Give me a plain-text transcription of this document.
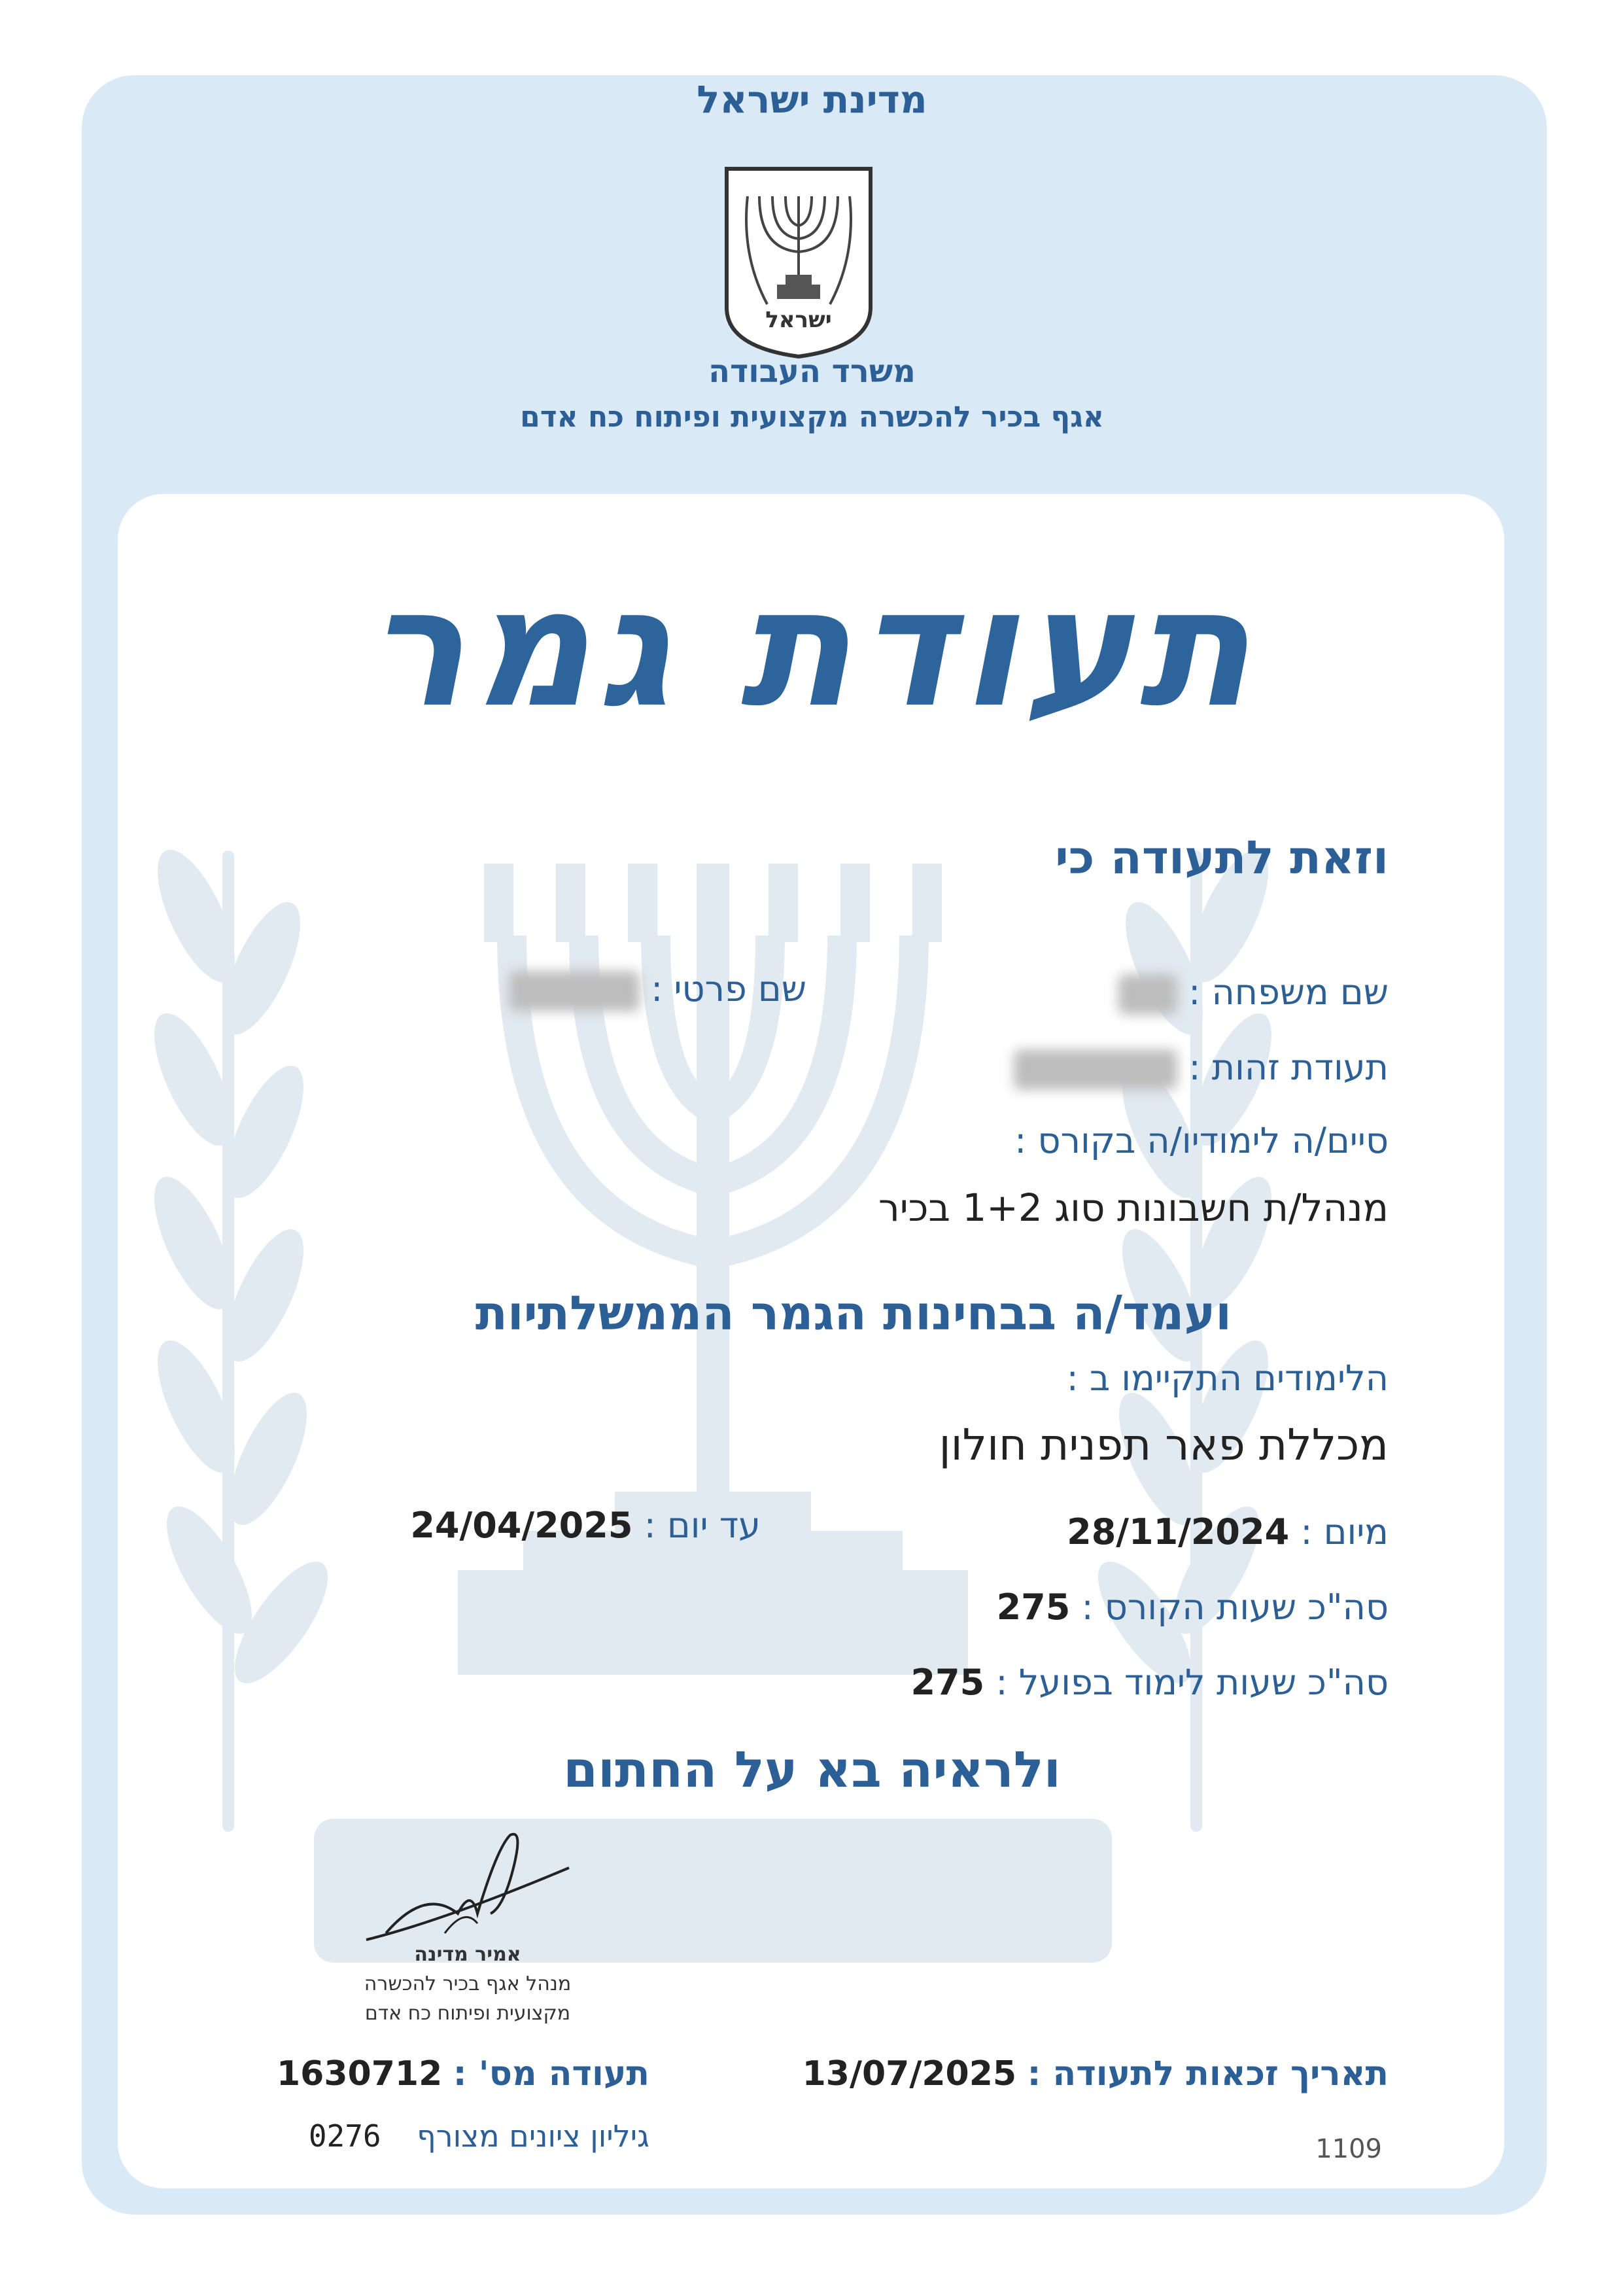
מדינת ישראל
ישראל
משרד העבודה
אגף בכיר להכשרה מקצועית ופיתוח כח אדם
תעודת גמר
וזאת לתעודה כי
שם משפחה :
שם פרטי :
תעודת זהות :
סיים/ה לימודיו/ה בקורס :
מנהל/ת חשבונות סוג 1+2 בכיר
ועמד/ה בבחינות הגמר הממשלתיות
הלימודים התקיימו ב :
מכללת פאר תפנית חולון
מיום : 28/11/2024
עד יום : 24/04/2025
סה"כ שעות הקורס : 275
סה"כ שעות לימוד בפועל : 275
ולראיה בא על החתום
אמיר מדינה
מנהל אגף בכיר להכשרה
מקצועית ופיתוח כח אדם
תאריך זכאות לתעודה : 13/07/2025
תעודה מס' : 1630712
גיליון ציונים מצורף 0276	1109
